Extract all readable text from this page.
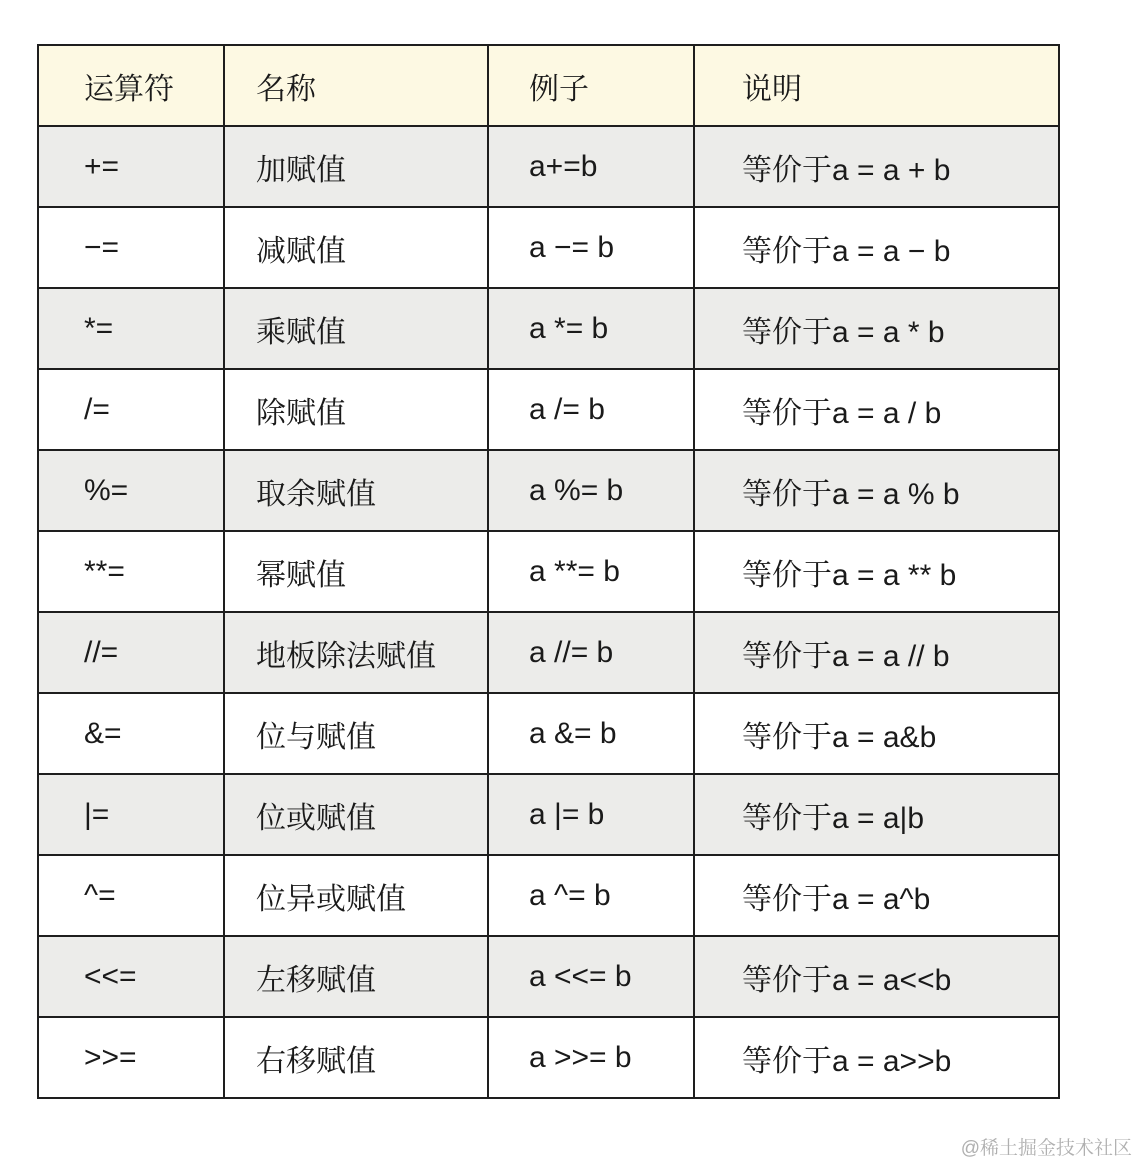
运算符	名称	例子	说明
+=	加赋值	a+=b	等价于a = a + b
−=	减赋值	a −= b	等价于a = a − b
*=	乘赋值	a *= b	等价于a = a * b
/=	除赋值	a /= b	等价于a = a / b
%=	取余赋值	a %= b	等价于a = a % b
**=	幂赋值	a **= b	等价于a = a ** b
//=	地板除法赋值	a //= b	等价于a = a // b
&=	位与赋值	a &= b	等价于a = a&b
|=	位或赋值	a |= b	等价于a = a|b
^=	位异或赋值	a ^= b	等价于a = a^b
<<=	左移赋值	a <<= b	等价于a = a<<b
>>=	右移赋值	a >>= b	等价于a = a>>b
@稀土掘金技术社区
